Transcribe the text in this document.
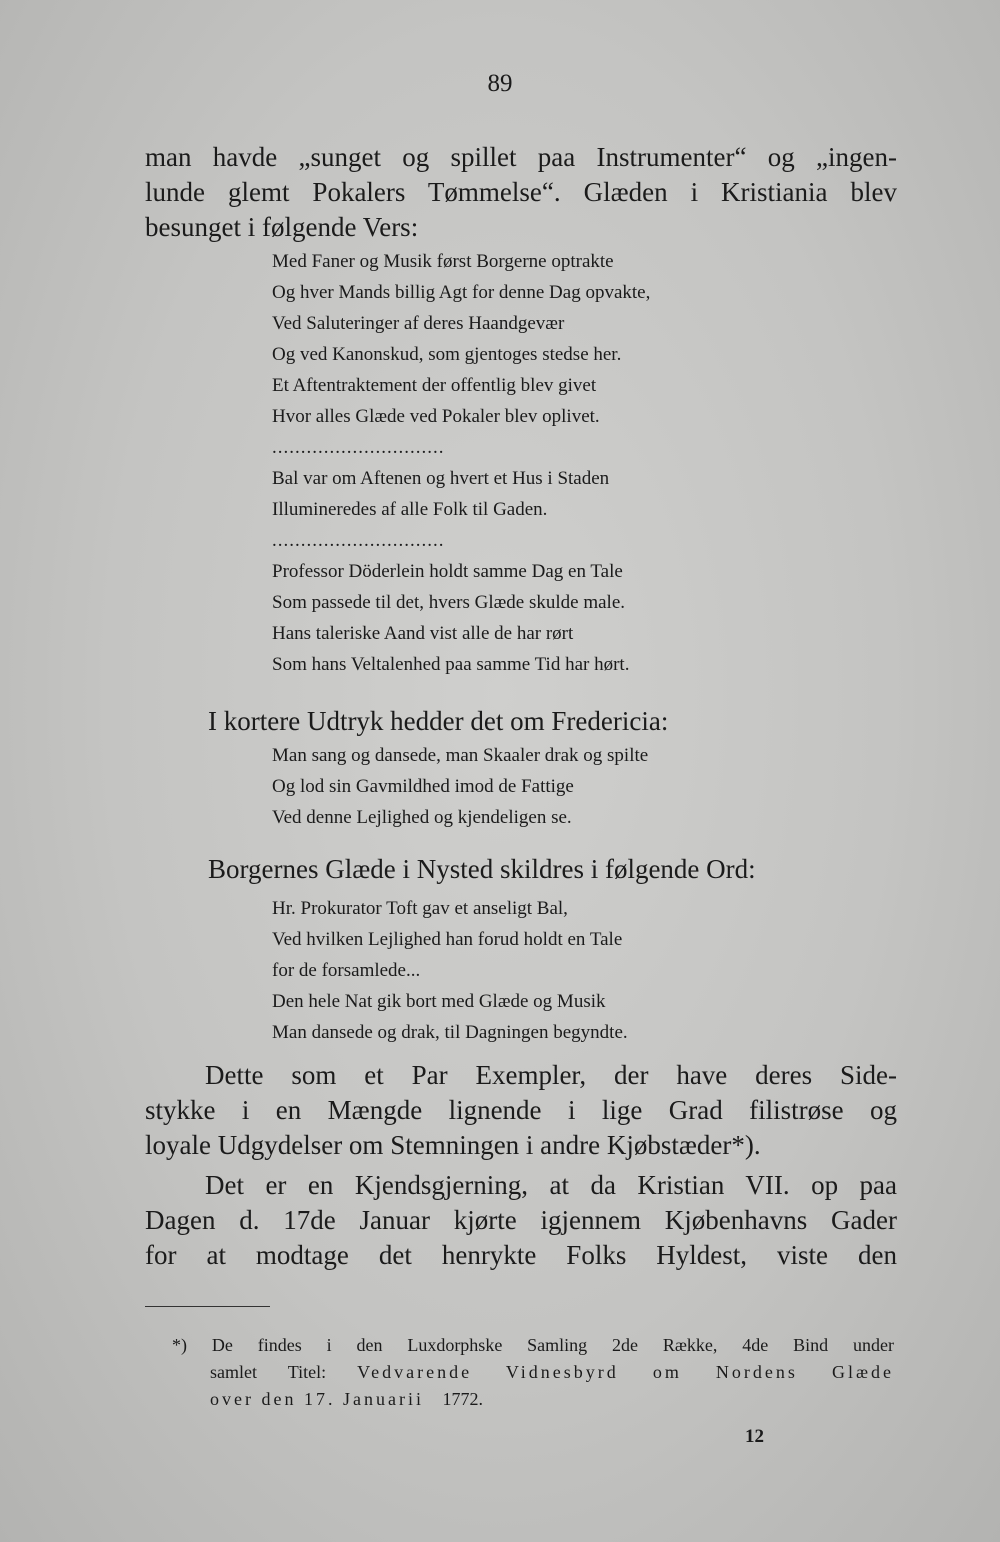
89
man havde „sunget og spillet paa Instrumenter“ og „ingen-
lunde glemt Pokalers Tømmelse“. Glæden i Kristiania blev
besunget i følgende Vers:
Med Faner og Musik først Borgerne optrakte
Og hver Mands billig Agt for denne Dag opvakte,
Ved Saluteringer af deres Haandgevær
Og ved Kanonskud, som gjentoges stedse her.
Et Aftentraktement der offentlig blev givet
Hvor alles Glæde ved Pokaler blev oplivet.
..............................
Bal var om Aftenen og hvert et Hus i Staden
Illumineredes af alle Folk til Gaden.
..............................
Professor Döderlein holdt samme Dag en Tale
Som passede til det, hvers Glæde skulde male.
Hans taleriske Aand vist alle de har rørt
Som hans Veltalenhed paa samme Tid har hørt.
I kortere Udtryk hedder det om Fredericia:
Man sang og dansede, man Skaaler drak og spilte
Og lod sin Gavmildhed imod de Fattige
Ved denne Lejlighed og kjendeligen se.
Borgernes Glæde i Nysted skildres i følgende Ord:
Hr. Prokurator Toft gav et anseligt Bal,
Ved hvilken Lejlighed han forud holdt en Tale
for de forsamlede...
Den hele Nat gik bort med Glæde og Musik
Man dansede og drak, til Dagningen begyndte.
Dette som et Par Exempler, der have deres Side-
stykke i en Mængde lignende i lige Grad filistrøse og
loyale Udgydelser om Stemningen i andre Kjøbstæder*).
Det er en Kjendsgjerning, at da Kristian VII. op paa
Dagen d. 17de Januar kjørte igjennem Kjøbenhavns Gader
for at modtage det henrykte Folks Hyldest, viste den
*) De findes i den Luxdorphske Samling 2de Række, 4de Bind under
samlet Titel: Vedvarende Vidnesbyrd om Nordens Glæde
over den 17. Januarii 1772.
12
